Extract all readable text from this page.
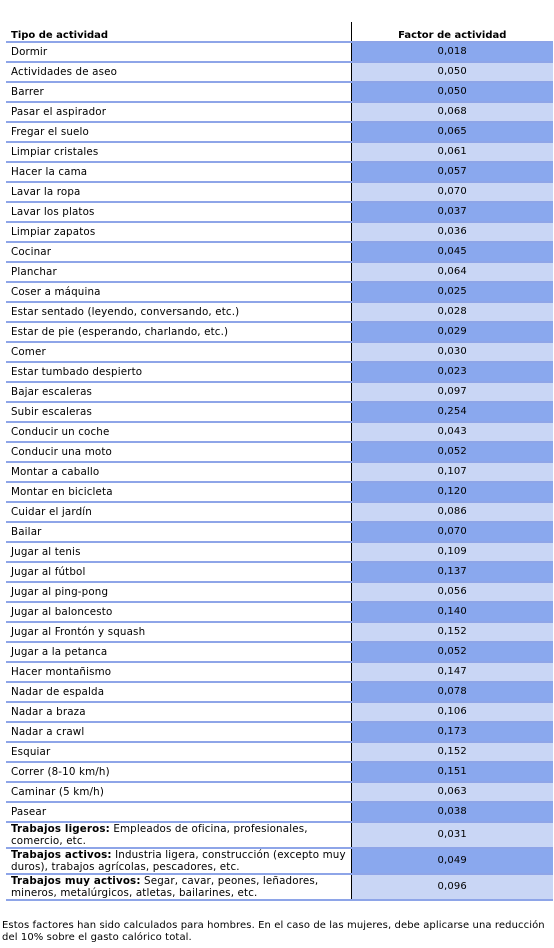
Tipo de actividad	Factor de actividad
Dormir	0,018
Actividades de aseo	0,050
Barrer	0,050
Pasar el aspirador	0,068
Fregar el suelo	0,065
Limpiar cristales	0,061
Hacer la cama	0,057
Lavar la ropa	0,070
Lavar los platos	0,037
Limpiar zapatos	0,036
Cocinar	0,045
Planchar	0,064
Coser a máquina	0,025
Estar sentado (leyendo, conversando, etc.)	0,028
Estar de pie (esperando, charlando, etc.)	0,029
Comer	0,030
Estar tumbado despierto	0,023
Bajar escaleras	0,097
Subir escaleras	0,254
Conducir un coche	0,043
Conducir una moto	0,052
Montar a caballo	0,107
Montar en bicicleta	0,120
Cuidar el jardín	0,086
Bailar	0,070
Jugar al tenis	0,109
Jugar al fútbol	0,137
Jugar al ping-pong	0,056
Jugar al baloncesto	0,140
Jugar al Frontón y squash	0,152
Jugar a la petanca	0,052
Hacer montañismo	0,147
Nadar de espalda	0,078
Nadar a braza	0,106
Nadar a crawl	0,173
Esquiar	0,152
Correr (8-10 km/h)	0,151
Caminar (5 km/h)	0,063
Pasear	0,038
Trabajos ligeros: Empleados de oficina, profesionales, comercio, etc.	0,031
Trabajos activos: Industria ligera, construcción (excepto muy duros), trabajos agrícolas, pescadores, etc.	0,049
Trabajos muy activos: Segar, cavar, peones, leñadores, mineros, metalúrgicos, atletas, bailarines, etc.	0,096
Estos factores han sido calculados para hombres. En el caso de las mujeres, debe aplicarse una reducción del 10% sobre el gasto calórico total.
